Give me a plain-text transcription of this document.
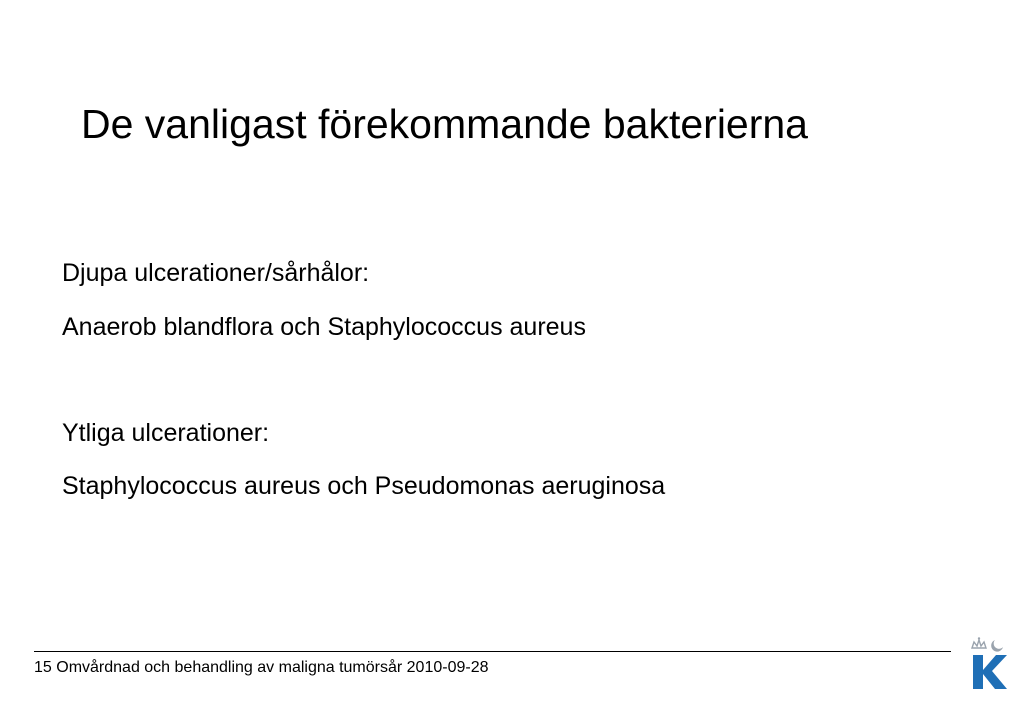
De vanligast förekommande bakterierna
Djupa ulcerationer/sårhålor:
Anaerob blandflora och Staphylococcus aureus
Ytliga ulcerationer:
Staphylococcus aureus och Pseudomonas aeruginosa
15 Omvårdnad och behandling av maligna tumörsår 2010-09-28
